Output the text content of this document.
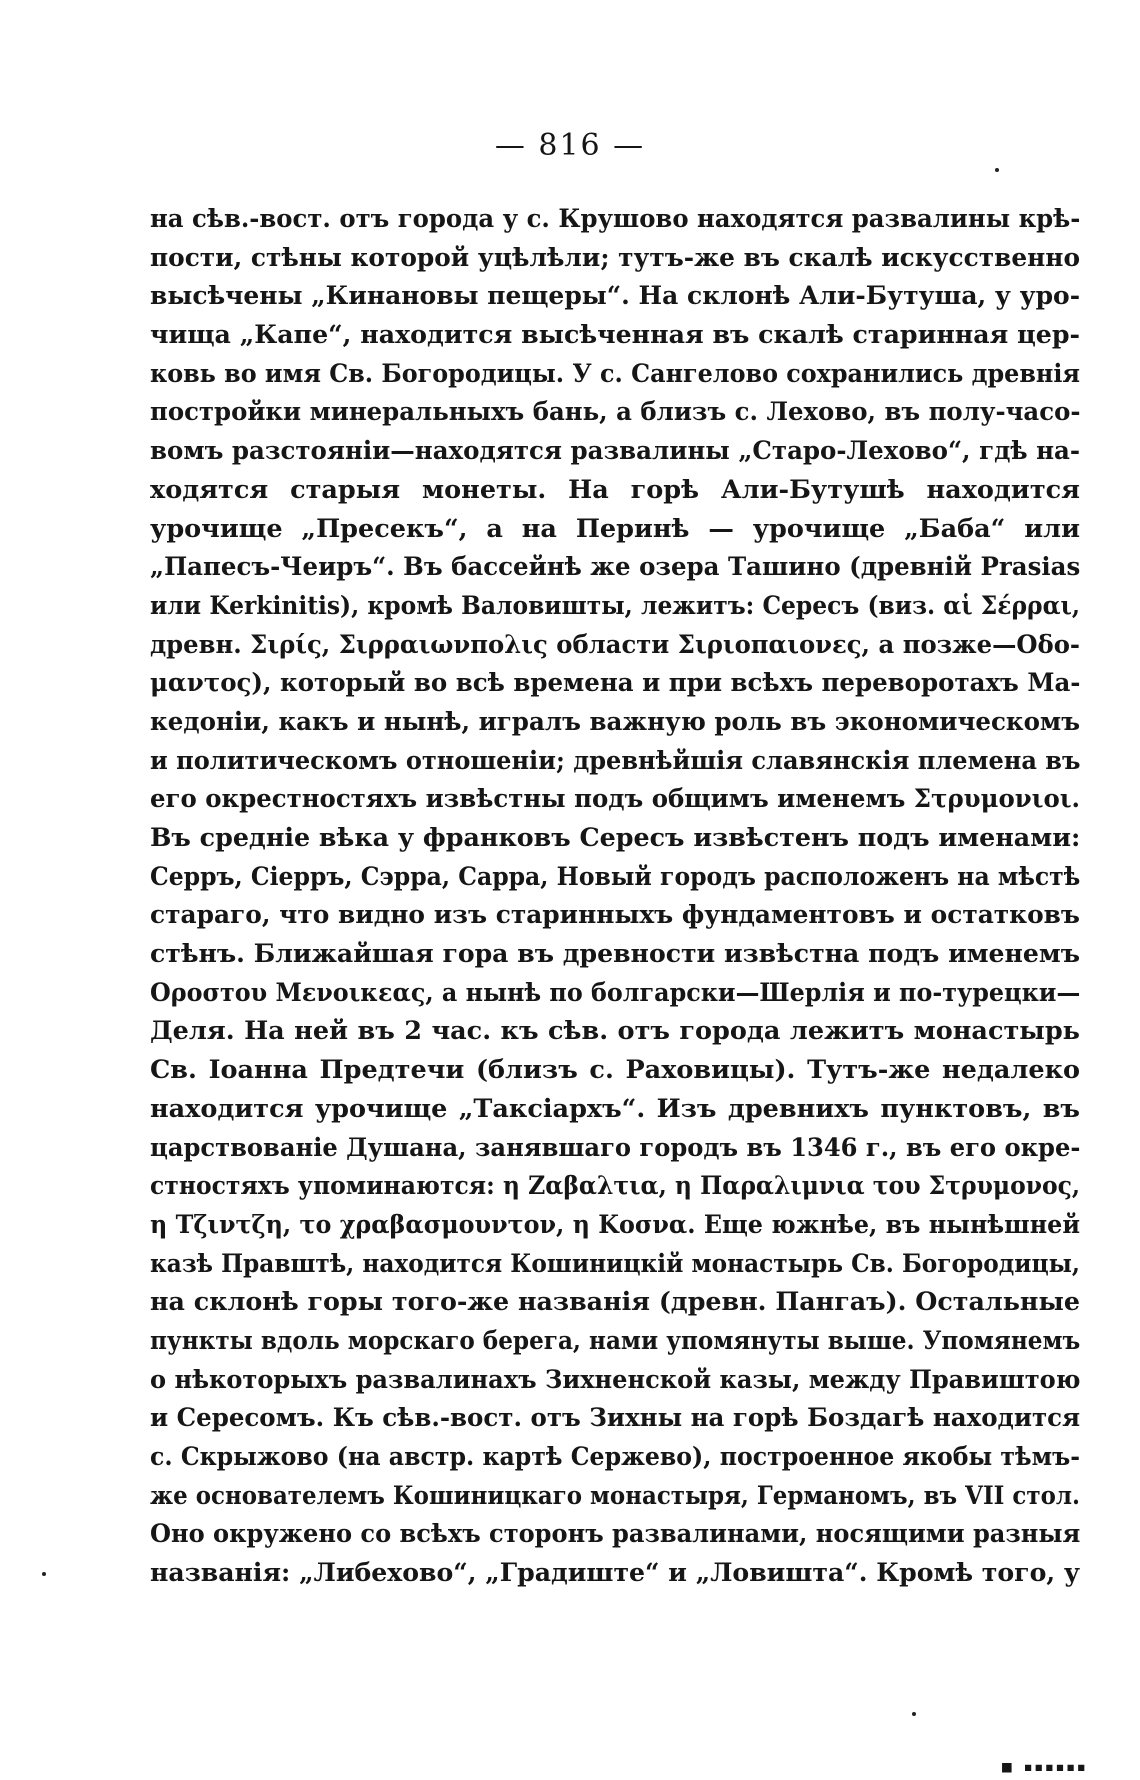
— 816 —
на сѣв.-вост. отъ города у с. Крушово находятся развалины крѣ-
пости, стѣны которой уцѣлѣли; тутъ-же въ скалѣ искусственно
высѣчены „Кинановы пещеры“. На склонѣ Али-Бутуша, у уро-
чища „Капе“, находится высѣченная въ скалѣ старинная цер-
ковь во имя Св. Богородицы. У с. Сангелово сохранились древнія
постройки минеральныхъ бань, а близъ с. Лехово, въ полу-часо-
вомъ разстояніи—находятся развалины „Старо-Лехово“, гдѣ на-
ходятся старыя монеты. На горѣ Али-Бутушѣ находится
урочище „Пресекъ“, а на Перинѣ — урочище „Баба“ или
„Папесъ-Чеиръ“. Въ бассейнѣ же озера Ташино (древній Prasias
или Kerkinitis), кромѣ Валовишты, лежитъ: Сересъ (виз. αἱ Σέρραι,
древн. Σιρίς, Σιρραιωνπολις области Σιριοπαιονες, а позже—Οδο-
μαντος), который во всѣ времена и при всѣхъ переворотахъ Ма-
кедоніи, какъ и нынѣ, игралъ важную роль въ экономическомъ
и политическомъ отношеніи; древнѣйшія славянскія племена въ
его окрестностяхъ извѣстны подъ общимъ именемъ Στρυμονιοι.
Въ средніе вѣка у франковъ Сересъ извѣстенъ подъ именами:
Серръ, Сіерръ, Сэрра, Сарра, Новый городъ расположенъ на мѣстѣ
стараго, что видно изъ старинныхъ фундаментовъ и остатковъ
стѣнъ. Ближайшая гора въ древности извѣстна подъ именемъ
Ορoσтоυ Μενοικεας, а нынѣ по болгарски—Шерлія и по-турецки—
Деля. На ней въ 2 час. къ сѣв. отъ города лежитъ монастырь
Св. Іоанна Предтечи (близъ с. Раховицы). Тутъ-же недалеко
находится урочище „Таксіархъ“. Изъ древнихъ пунктовъ, въ
царствованіе Душана, занявшаго городъ въ 1346 г., въ его окре-
стностяхъ упоминаются: η Ζαβαλτια, η Παραλιμνια του Στρυμονος,
η Τζιντζη, το χραβασμουντον, η Κοσνα. Еще южнѣе, въ нынѣшней
казѣ Правштѣ, находится Кошиницкій монастырь Св. Богородицы,
на склонѣ горы того-же названія (древн. Пангаъ). Остальные
пункты вдоль морскаго берега, нами упомянуты выше. Упомянемъ
о нѣкоторыхъ развалинахъ Зихненской казы, между Правиштою
и Сересомъ. Къ сѣв.-вост. отъ Зихны на горѣ Боздагѣ находится
с. Скрыжово (на австр. картѣ Сержево), построенное якобы тѣмъ-
же основателемъ Кошиницкаго монастыря, Германомъ, въ VII стол.
Оно окружено со всѣхъ сторонъ развалинами, носящими разныя
названія: „Либехово“, „Градиште“ и „Ловишта“. Кромѣ того, у
■ ▪▪▪▪▪▪
